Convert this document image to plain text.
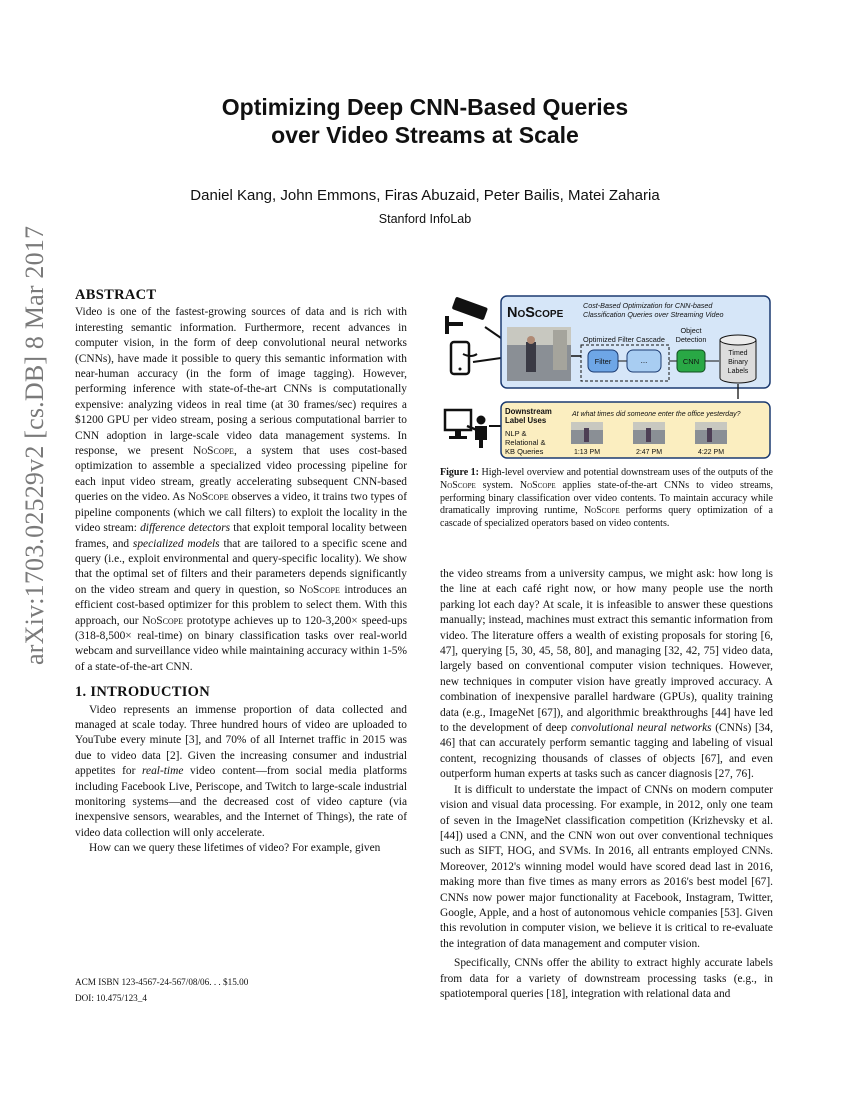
arXiv:1703.02529v2 [cs.DB] 8 Mar 2017
Optimizing Deep CNN-Based Queries
over Video Streams at Scale
Daniel Kang, John Emmons, Firas Abuzaid, Peter Bailis, Matei Zaharia
Stanford InfoLab
ABSTRACT

Video is one of the fastest-growing sources of data and is rich with interesting semantic information. Furthermore, recent advances in computer vision, in the form of deep convolutional neural networks (CNNs), have made it possible to query this semantic information with near-human accuracy (in the form of image tagging). However, performing inference with state-of-the-art CNNs is computationally expensive: analyzing videos in real time (at 30 frames/sec) requires a $1200 GPU per video stream, posing a serious computational barrier to CNN adoption in large-scale video data management systems. In response, we present NoScope, a system that uses cost-based optimization to assemble a specialized video processing pipeline for each input video stream, greatly accelerating subsequent CNN-based queries on the video. As NoScope observes a video, it trains two types of pipeline components (which we call filters) to exploit the locality in the video stream: difference detectors that exploit temporal locality between frames, and specialized models that are tailored to a specific scene and query (i.e., exploit environmental and query-specific locality). We show that the optimal set of filters and their parameters depends significantly on the video stream and query in question, so NoScope introduces an efficient cost-based optimizer for this problem to select them. With this approach, our NoScope prototype achieves up to 120-3,200× speed-ups (318-8,500× real-time) on binary classification tasks over real-world webcam and surveillance video while maintaining accuracy within 1-5% of a state-of-the-art CNN.

1. INTRODUCTION

Video represents an immense proportion of data collected and managed at scale today. Three hundred hours of video are uploaded to YouTube every minute [3], and 70% of all Internet traffic in 2015 was due to video data [2]. Given the increasing consumer and industrial appetites for real-time video content—from social media platforms including Facebook Live, Periscope, and Twitch to large-scale industrial monitoring systems—and the decreased cost of video capture (via inexpensive sensors, wearables, and the Internet of Things), the rate of video data collection will only accelerate.

How can we query these lifetimes of video? For example, given

ACM ISBN 123-4567-24-567/08/06. . . $15.00
DOI: 10.475/123_4
NoScope	Cost-Based Optimization for CNN-based
Classification Queries over Streaming Video
Optimized Filter Cascade
Filter	...
Object
Detection
CNN
Timed
Binary
Labels
Downstream
Label Uses
NLP &
Relational &
KB Queries
At what times did someone enter the office yesterday?
1:13 PM	2:47 PM	4:22 PM
Figure 1: High-level overview and potential downstream uses of the outputs of the NoScope system. NoScope applies state-of-the-art CNNs to video streams, performing binary classification over video contents. To maintain accuracy while dramatically improving runtime, NoScope performs query optimization of a cascade of specialized operators based on video contents.

the video streams from a university campus, we might ask: how long is the line at each café right now, or how many people use the north parking lot each day? At scale, it is infeasible to answer these questions manually; instead, machines must extract this semantic information from video. The literature offers a wealth of existing proposals for storing [6, 47], querying [5, 30, 45, 58, 80], and managing [32, 42, 75] video data, largely based on conventional computer vision techniques. However, new techniques in computer vision have greatly improved accuracy. A combination of inexpensive parallel hardware (GPUs), quality training data (e.g., ImageNet [67]), and algorithmic breakthroughs [44] have led to the development of deep convolutional neural networks (CNNs) [34, 46] that can accurately perform semantic tagging and labeling of visual content, recognizing thousands of classes of objects [67], and even outperform human experts at tasks such as cancer diagnosis [27, 76].

It is difficult to understate the impact of CNNs on modern computer vision and visual data processing. For example, in 2012, only one team of seven in the ImageNet classification competition (Krizhevsky et al. [44]) used a CNN, and the CNN won out over conventional techniques such as SIFT, HOG, and SVMs. In 2016, all entrants employed CNNs. Moreover, 2012's winning model would have scored dead last in 2016, making more than five times as many errors as 2016's best model [67]. CNNs now power major functionality at Facebook, Instagram, Twitter, Google, Apple, and a host of autonomous vehicle companies [53]. Given this revolution in computer vision, we believe it is critical to re-evaluate the integration of data management and computer vision.

Specifically, CNNs offer the ability to extract highly accurate labels from data for a variety of downstream processing tasks (e.g., in spatiotemporal queries [18], integration with relational data and
